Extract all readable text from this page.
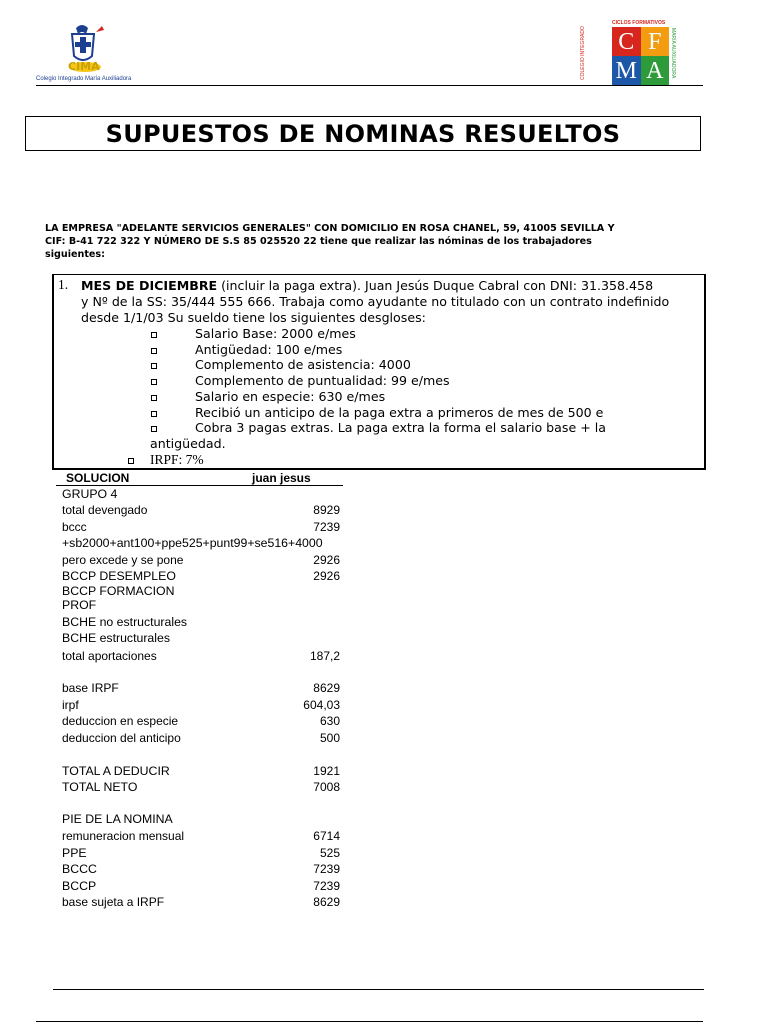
CIMA
Colegio Integrado María Auxiliadora
CICLOS FORMATIVOS
COLEGIO INTEGRADO	MARÍA AUXILIADORA
C F
M A
SUPUESTOS DE NOMINAS RESUELTOS
LA EMPRESA "ADELANTE SERVICIOS GENERALES" CON DOMICILIO EN ROSA CHANEL, 59, 41005 SEVILLA Y
CIF: B-41 722 322 Y NÚMERO DE S.S 85 025520 22 tiene que realizar las nóminas de los trabajadores
siguientes:
1. MES DE DICIEMBRE (incluir la paga extra). Juan Jesús Duque Cabral con DNI: 31.358.458
y Nº de la SS: 35/444 555 666. Trabaja como ayudante no titulado con un contrato indefinido
desde 1/1/03 Su sueldo tiene los siguientes desgloses:
Salario Base: 2000 e/mes
Antigüedad: 100 e/mes
Complemento de asistencia: 4000
Complemento de puntualidad: 99 e/mes
Salario en especie: 630 e/mes
Recibió un anticipo de la paga extra a primeros de mes de 500 e
Cobra 3 pagas extras. La paga extra la forma el salario base + la
antigüedad.
IRPF: 7%
SOLUCION	juan jesus
GRUPO 4
total devengado	8929
bccc	7239
+sb2000+ant100+ppe525+punt99+se516+4000
pero excede y se pone	2926
BCCP DESEMPLEO	2926
BCCP FORMACION
PROF
BCHE no estructurales
BCHE estructurales
total aportaciones	187,2
base IRPF	8629
irpf	604,03
deduccion en especie	630
deduccion del anticipo	500
TOTAL A DEDUCIR	1921
TOTAL NETO	7008
PIE DE LA NOMINA
remuneracion mensual	6714
PPE	525
BCCC	7239
BCCP	7239
base sujeta a IRPF	8629
